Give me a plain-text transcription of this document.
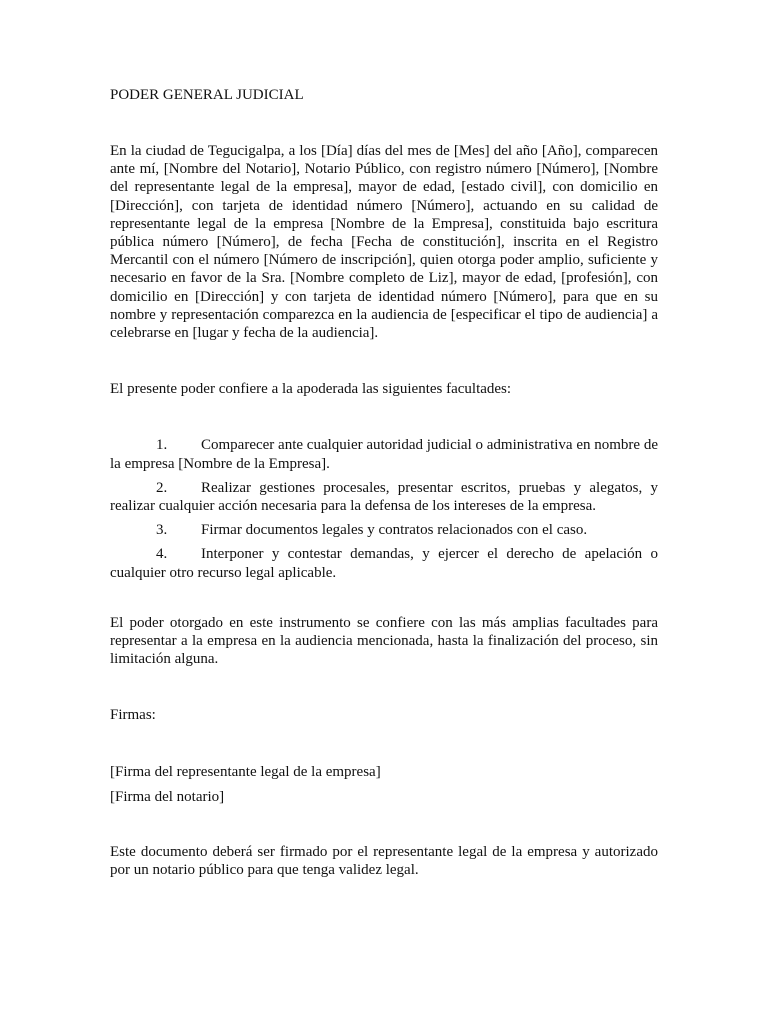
PODER GENERAL JUDICIAL

En la ciudad de Tegucigalpa, a los [Día] días del mes de [Mes] del año [Año], comparecen ante mí, [Nombre del Notario], Notario Público, con registro número [Número], [Nombre del representante legal de la empresa], mayor de edad, [estado civil], con domicilio en [Dirección], con tarjeta de identidad número [Número], actuando en su calidad de representante legal de la empresa [Nombre de la Empresa], constituida bajo escritura pública número [Número], de fecha [Fecha de constitución], inscrita en el Registro Mercantil con el número [Número de inscripción], quien otorga poder amplio, suficiente y necesario en favor de la Sra. [Nombre completo de Liz], mayor de edad, [profesión], con domicilio en [Dirección] y con tarjeta de identidad número [Número], para que en su nombre y representación comparezca en la audiencia de [especificar el tipo de audiencia] a celebrarse en [lugar y fecha de la audiencia].

El presente poder confiere a la apoderada las siguientes facultades:

1. Comparecer ante cualquier autoridad judicial o administrativa en nombre de la empresa [Nombre de la Empresa].
2. Realizar gestiones procesales, presentar escritos, pruebas y alegatos, y realizar cualquier acción necesaria para la defensa de los intereses de la empresa.
3. Firmar documentos legales y contratos relacionados con el caso.
4. Interponer y contestar demandas, y ejercer el derecho de apelación o cualquier otro recurso legal aplicable.

El poder otorgado en este instrumento se confiere con las más amplias facultades para representar a la empresa en la audiencia mencionada, hasta la finalización del proceso, sin limitación alguna.

Firmas:

[Firma del representante legal de la empresa]

[Firma del notario]

Este documento deberá ser firmado por el representante legal de la empresa y autorizado por un notario público para que tenga validez legal.
